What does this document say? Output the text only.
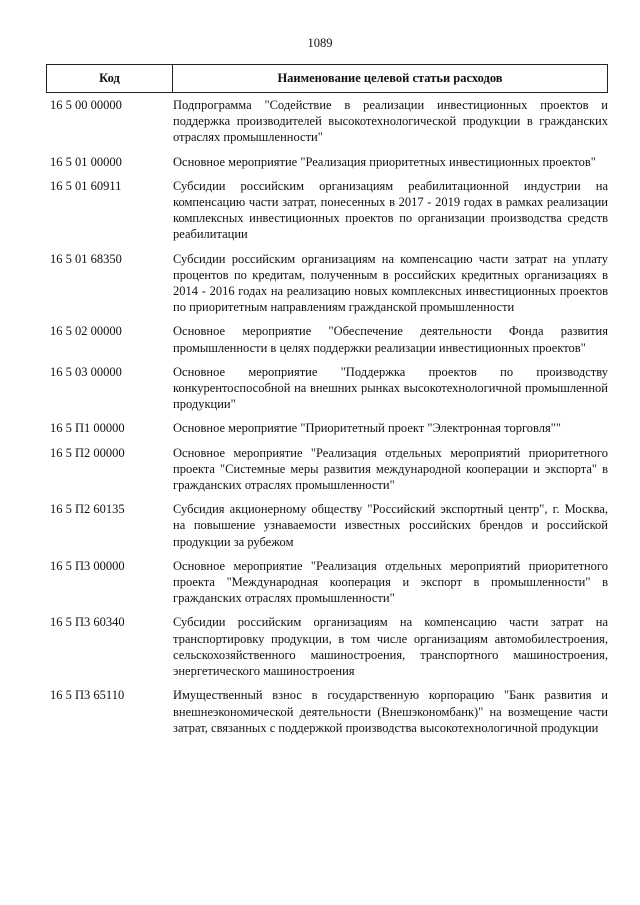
1089
Код	Наименование целевой статьи расходов
16 5 00 00000	Подпрограмма "Содействие в реализации инвестиционных проектов и поддержка производителей высокотехнологической продукции в гражданских отраслях промышленности"
16 5 01 00000	Основное мероприятие "Реализация приоритетных инвестиционных проектов"
16 5 01 60911	Субсидии российским организациям реабилитационной индустрии на компенсацию части затрат, понесенных в 2017 - 2019 годах в рамках реализации комплексных инвестиционных проектов по организации производства средств реабилитации
16 5 01 68350	Субсидии российским организациям на компенсацию части затрат на уплату процентов по кредитам, полученным в российских кредитных организациях в 2014 - 2016 годах на реализацию новых комплексных инвестиционных проектов по приоритетным направлениям гражданской промышленности
16 5 02 00000	Основное мероприятие "Обеспечение деятельности Фонда развития промышленности в целях поддержки реализации инвестиционных проектов"
16 5 03 00000	Основное мероприятие "Поддержка проектов по производству конкурентоспособной на внешних рынках высокотехнологичной промышленной продукции"
16 5 П1 00000	Основное мероприятие "Приоритетный проект "Электронная торговля""
16 5 П2 00000	Основное мероприятие "Реализация отдельных мероприятий приоритетного проекта "Системные меры развития международной кооперации и экспорта" в гражданских отраслях промышленности"
16 5 П2 60135	Субсидия акционерному обществу "Российский экспортный центр", г. Москва, на повышение узнаваемости известных российских брендов и российской продукции за рубежом
16 5 П3 00000	Основное мероприятие "Реализация отдельных мероприятий приоритетного проекта "Международная кооперация и экспорт в промышленности" в гражданских отраслях промышленности"
16 5 П3 60340	Субсидии российским организациям на компенсацию части затрат на транспортировку продукции, в том числе организациям автомобилестроения, сельскохозяйственного машиностроения, транспортного машиностроения, энергетического машиностроения
16 5 П3 65110	Имущественный взнос в государственную корпорацию "Банк развития и внешнеэкономической деятельности (Внешэкономбанк)" на возмещение части затрат, связанных с поддержкой производства высокотехнологичной продукции
